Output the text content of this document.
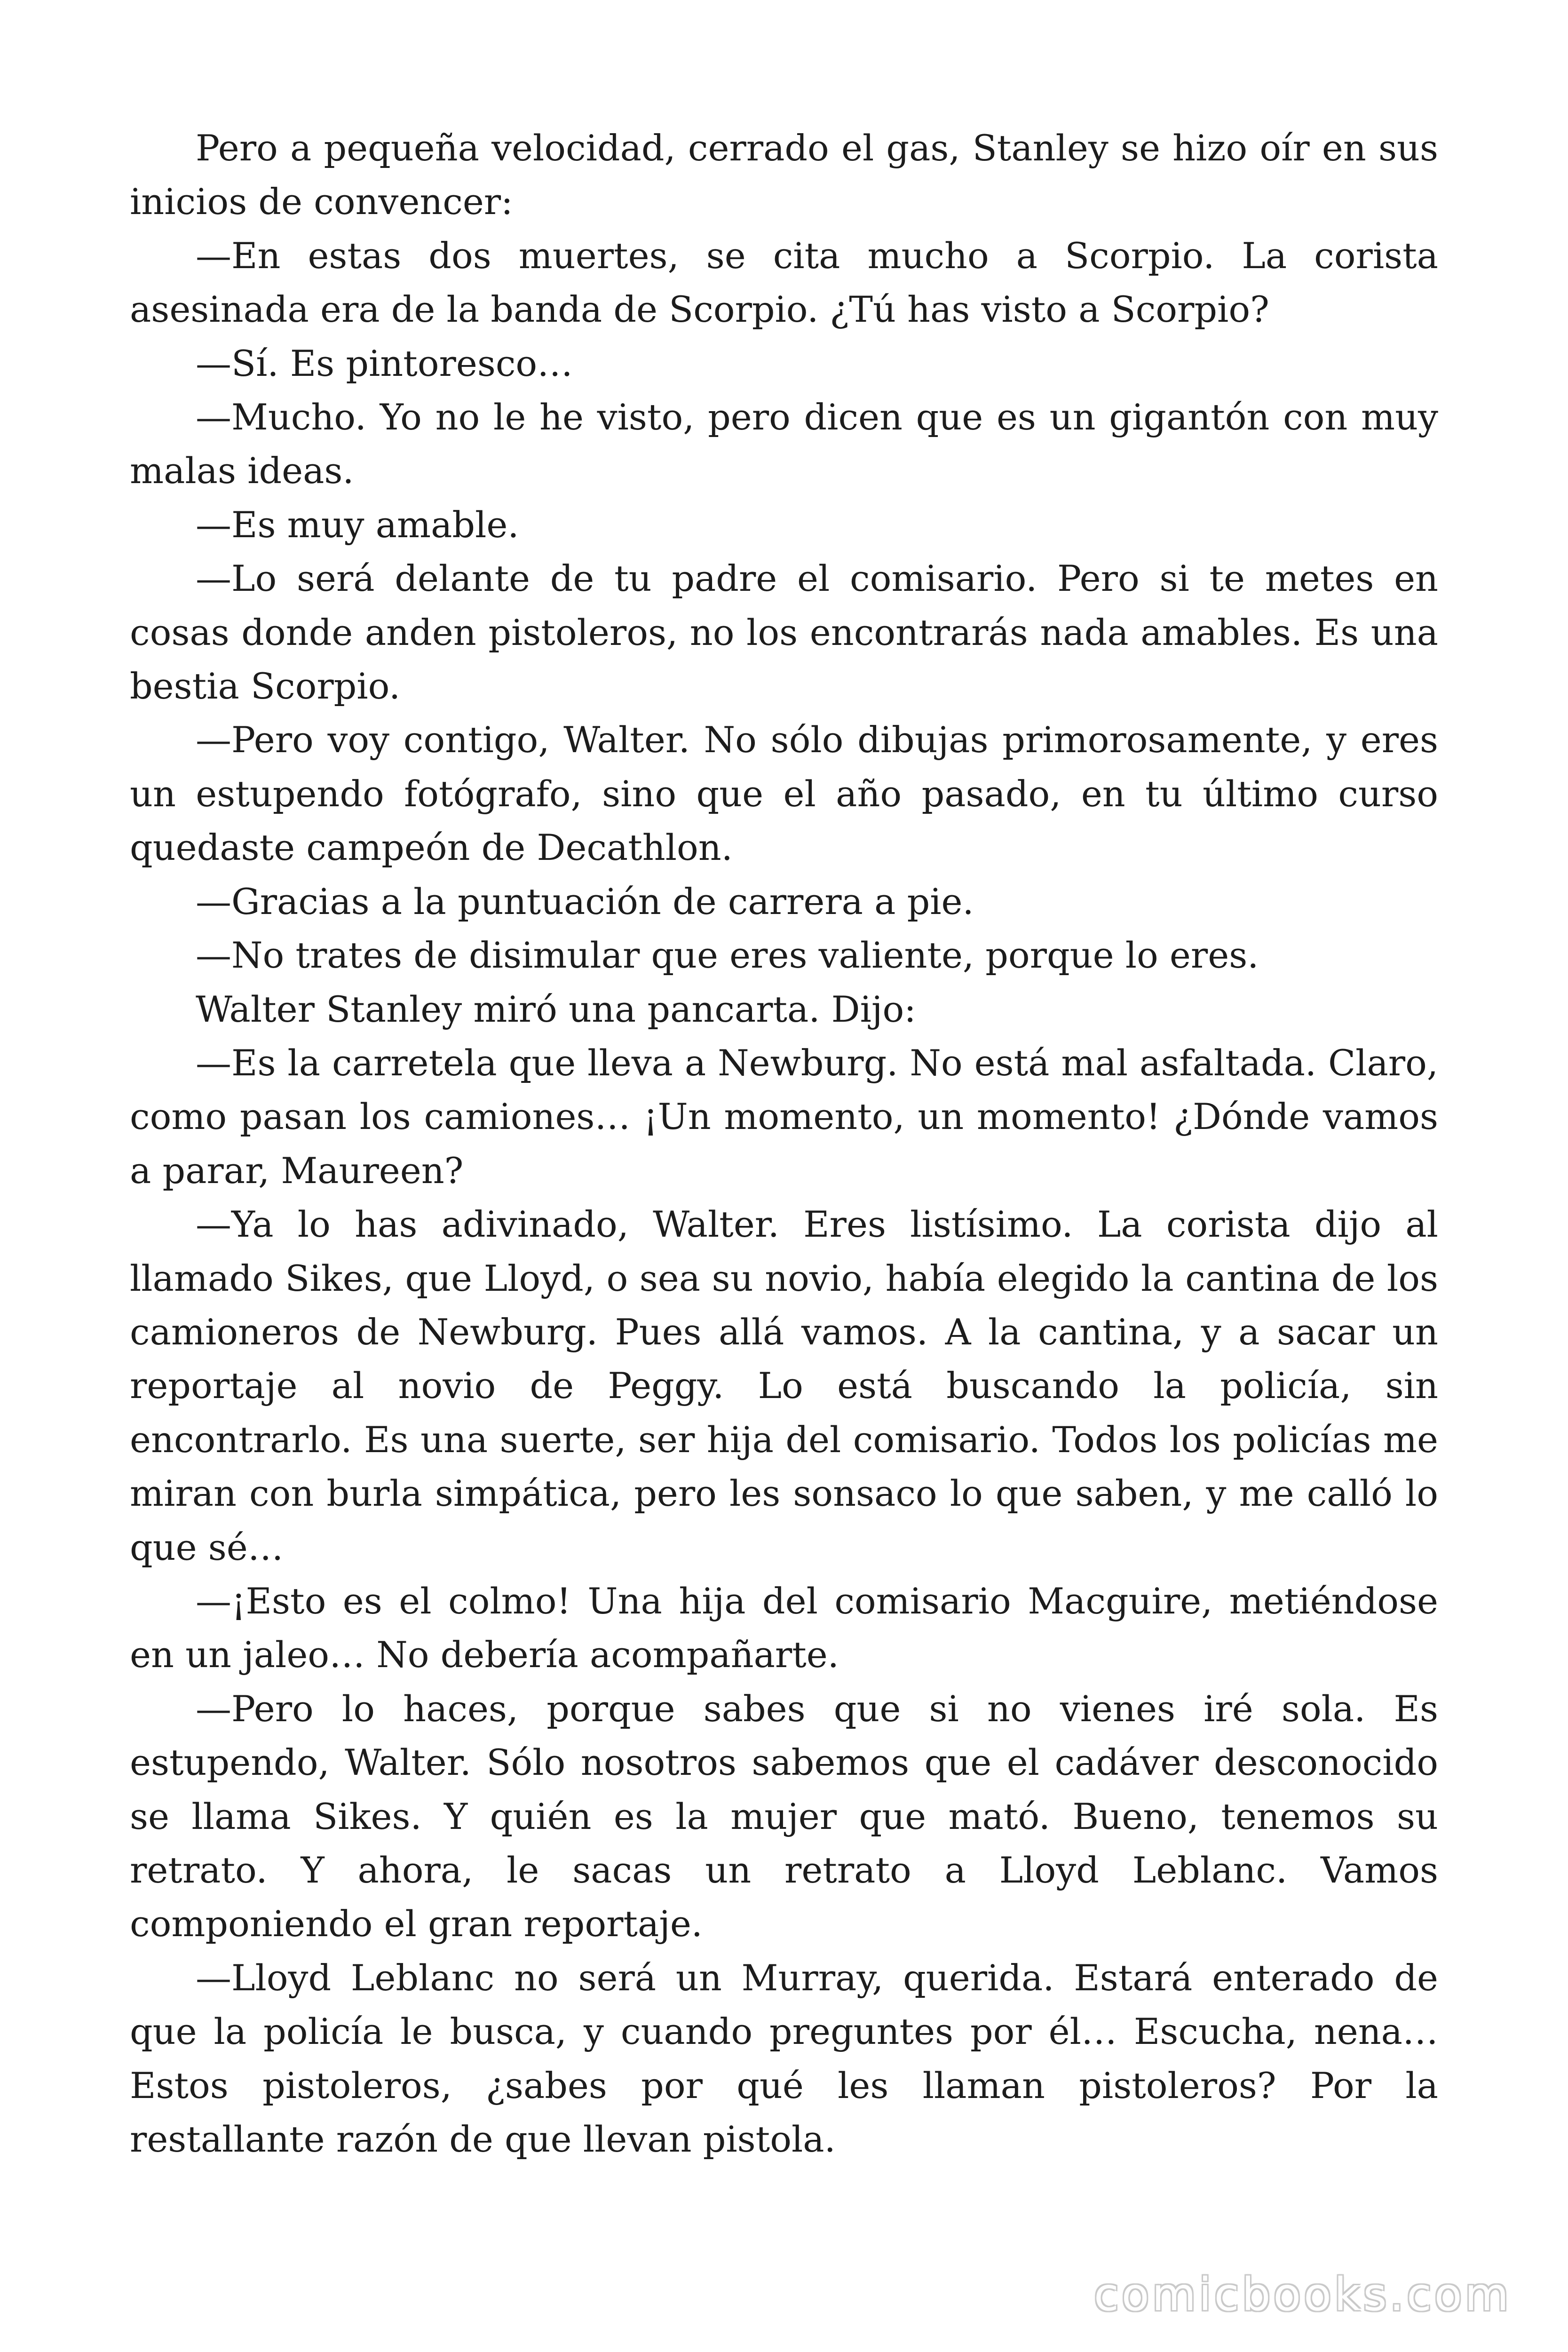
Pero a pequeña velocidad, cerrado el gas, Stanley se hizo oír en sus inicios de convencer:

—En estas dos muertes, se cita mucho a Scorpio. La corista asesinada era de la banda de Scorpio. ¿Tú has visto a Scorpio?

—Sí. Es pintoresco…

—Mucho. Yo no le he visto, pero dicen que es un gigantón con muy malas ideas.

—Es muy amable.

—Lo será delante de tu padre el comisario. Pero si te metes en cosas donde anden pistoleros, no los encontrarás nada amables. Es una bestia Scorpio.

—Pero voy contigo, Walter. No sólo dibujas primorosamente, y eres un estupendo fotógrafo, sino que el año pasado, en tu último curso quedaste campeón de Decathlon.

—Gracias a la puntuación de carrera a pie.

—No trates de disimular que eres valiente, porque lo eres.

Walter Stanley miró una pancarta. Dijo:

—Es la carretela que lleva a Newburg. No está mal asfaltada. Claro, como pasan los camiones… ¡Un momento, un momento! ¿Dónde vamos a parar, Maureen?

—Ya lo has adivinado, Walter. Eres listísimo. La corista dijo al llamado Sikes, que Lloyd, o sea su novio, había elegido la cantina de los camioneros de Newburg. Pues allá vamos. A la cantina, y a sacar un reportaje al novio de Peggy. Lo está buscando la policía, sin encontrarlo. Es una suerte, ser hija del comisario. Todos los policías me miran con burla simpática, pero les sonsaco lo que saben, y me calló lo que sé…

—¡Esto es el colmo! Una hija del comisario Macguire, metiéndose en un jaleo… No debería acompañarte.

—Pero lo haces, porque sabes que si no vienes iré sola. Es estupendo, Walter. Sólo nosotros sabemos que el cadáver desconocido se llama Sikes. Y quién es la mujer que mató. Bueno, tenemos su retrato. Y ahora, le sacas un retrato a Lloyd Leblanc. Vamos componiendo el gran reportaje.

—Lloyd Leblanc no será un Murray, querida. Estará enterado de que la policía le busca, y cuando preguntes por él… Escucha, nena… Estos pistoleros, ¿sabes por qué les llaman pistoleros? Por la restallante razón de que llevan pistola.

comicbooks.com
